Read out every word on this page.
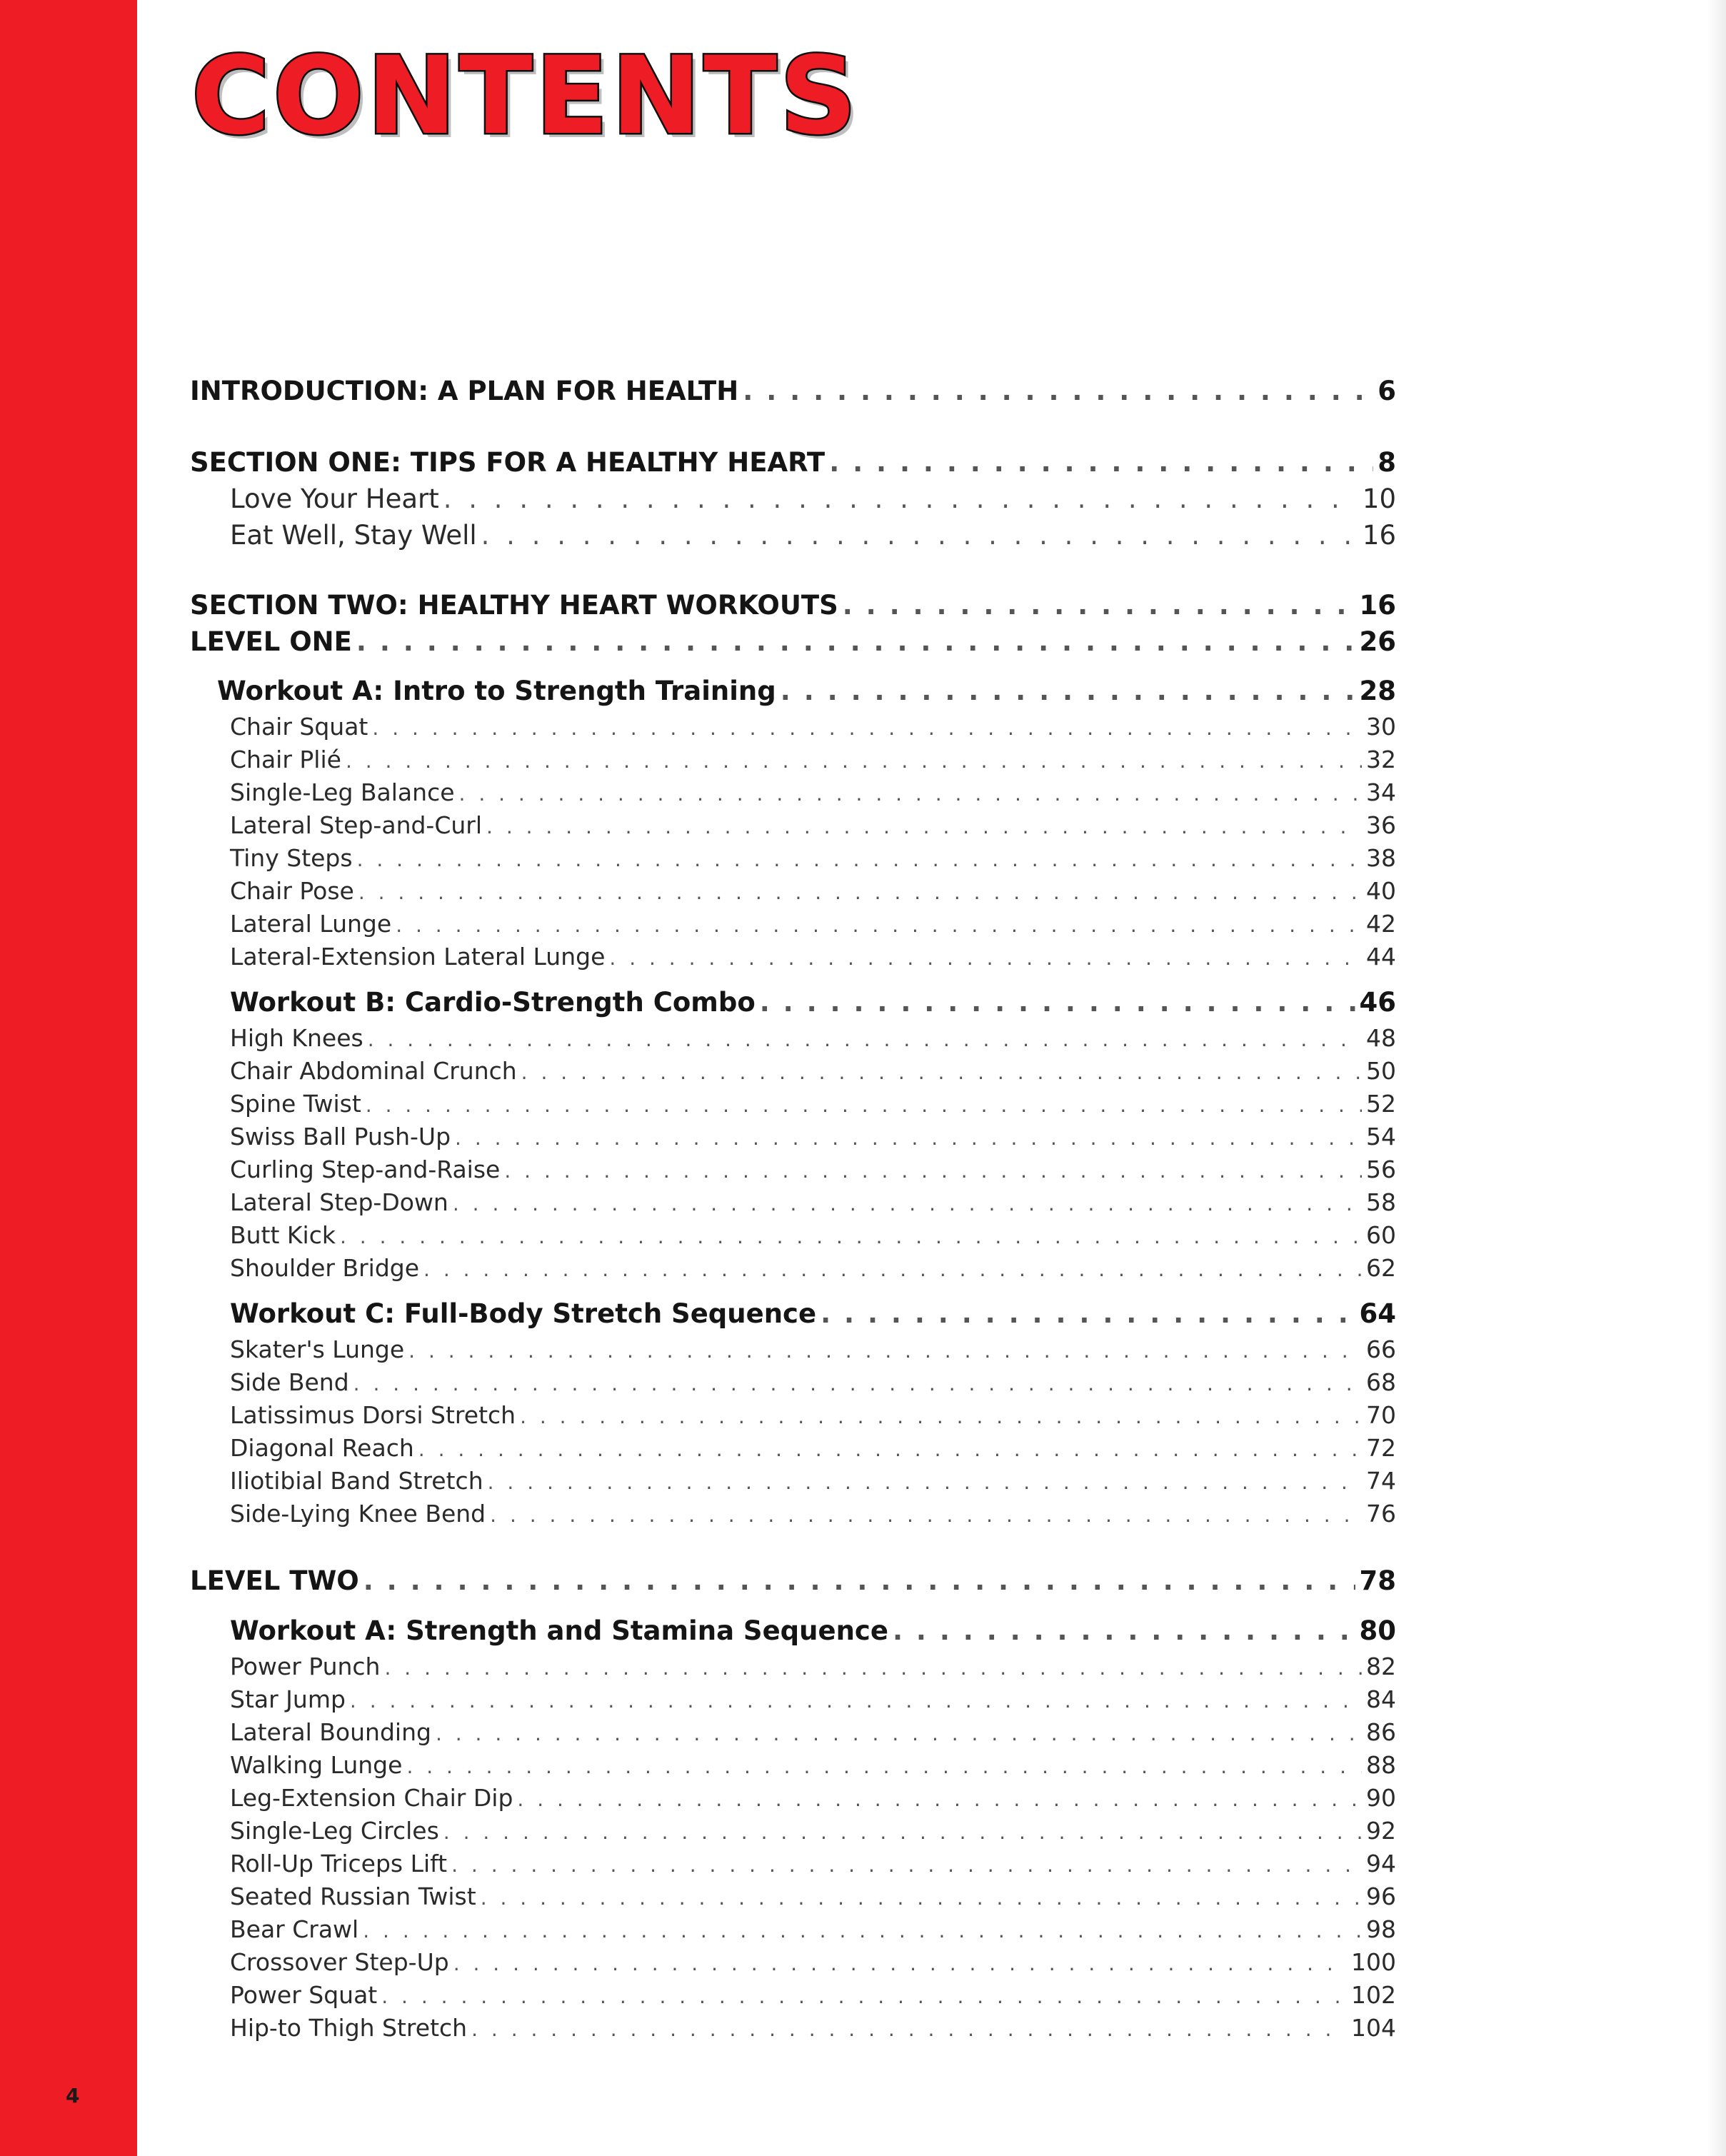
4
CONTENTS
INTRODUCTION: A PLAN FOR HEALTH . . .	6
SECTION ONE: TIPS FOR A HEALTHY HEART . . .	8
Love Your Heart . . .	10
Eat Well, Stay Well . . .	16
SECTION TWO: HEALTHY HEART WORKOUTS . . .	16
LEVEL ONE . . .	26
Workout A: Intro to Strength Training . . .	28
Chair Squat . . .	30
Chair Plié . . .	32
Single-Leg Balance . . .	34
Lateral Step-and-Curl . . .	36
Tiny Steps . . .	38
Chair Pose . . .	40
Lateral Lunge . . .	42
Lateral-Extension Lateral Lunge . . .	44
Workout B: Cardio-Strength Combo . . .	46
High Knees . . .	48
Chair Abdominal Crunch . . .	50
Spine Twist . . .	52
Swiss Ball Push-Up . . .	54
Curling Step-and-Raise . . .	56
Lateral Step-Down . . .	58
Butt Kick . . .	60
Shoulder Bridge . . .	62
Workout C: Full-Body Stretch Sequence . . .	64
Skater's Lunge . . .	66
Side Bend . . .	68
Latissimus Dorsi Stretch . . .	70
Diagonal Reach . . .	72
Iliotibial Band Stretch . . .	74
Side-Lying Knee Bend . . .	76
LEVEL TWO . . .	78
Workout A: Strength and Stamina Sequence . . .	80
Power Punch . . .	82
Star Jump . . .	84
Lateral Bounding . . .	86
Walking Lunge . . .	88
Leg-Extension Chair Dip . . .	90
Single-Leg Circles . . .	92
Roll-Up Triceps Lift . . .	94
Seated Russian Twist . . .	96
Bear Crawl . . .	98
Crossover Step-Up . . .	100
Power Squat . . .	102
Hip-to Thigh Stretch . . .	104
